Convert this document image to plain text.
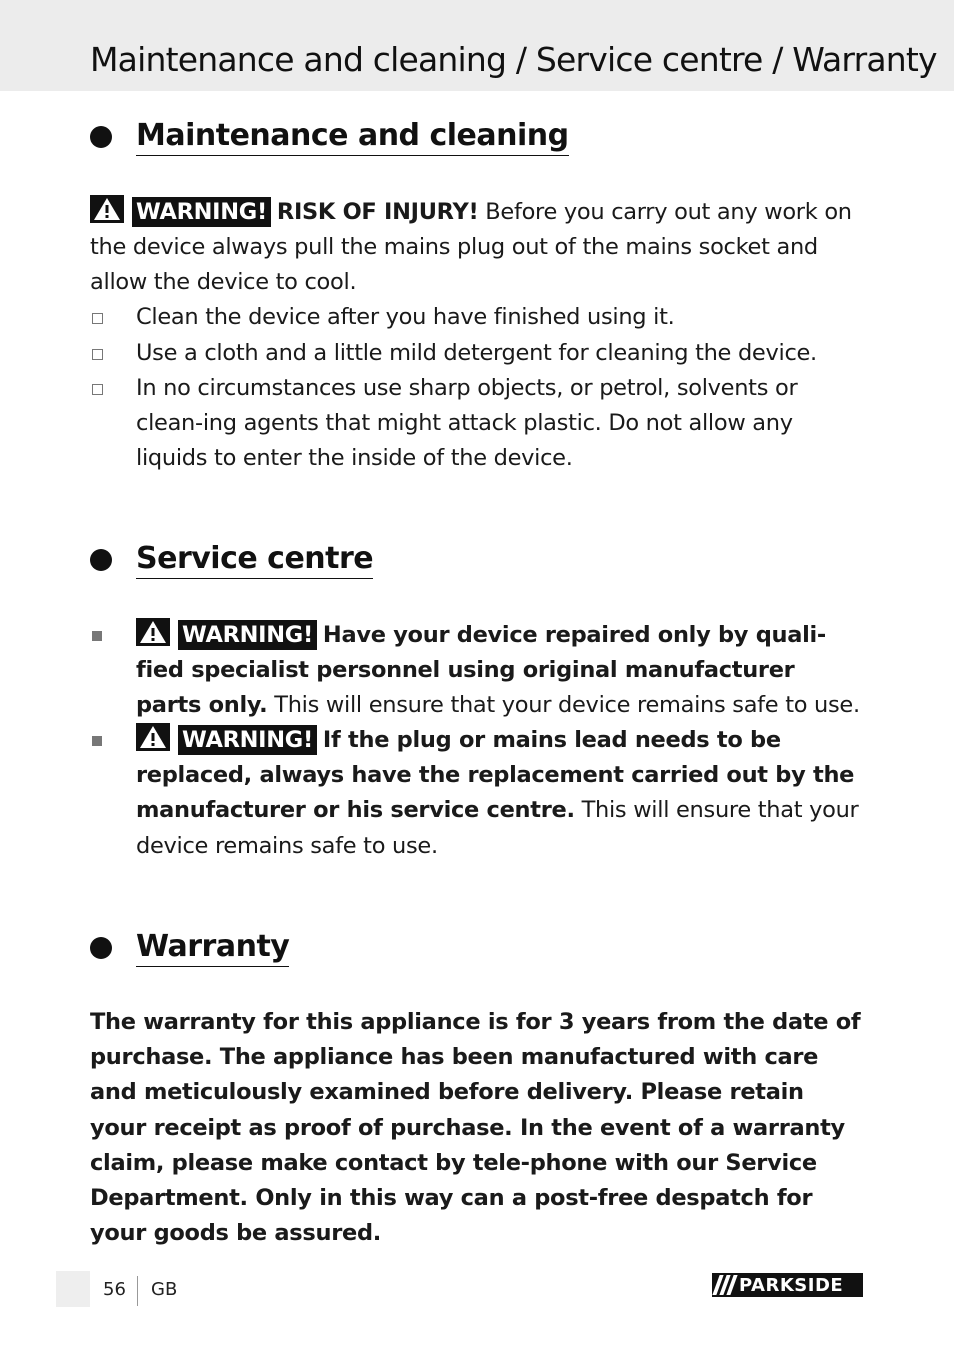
Maintenance and cleaning / Service centre / Warranty
Maintenance and cleaning

WARNING! RISK OF INJURY! Before you carry out any work on the device always pull the mains plug out of the mains socket and allow the device to cool.

Clean the device after you have finished using it.

Use a cloth and a little mild detergent for cleaning the device.

In no circumstances use sharp objects, or petrol, solvents or clean-ing agents that might attack plastic. Do not allow any liquids to enter the inside of the device.

Service centre

WARNING! Have your device repaired only by quali-fied specialist personnel using original manufacturer parts only. This will ensure that your device remains safe to use.

WARNING! If the plug or mains lead needs to be replaced, always have the replacement carried out by the manufacturer or his service centre. This will ensure that your device remains safe to use.

Warranty

The warranty for this appliance is for 3 years from the date of purchase. The appliance has been manufactured with care and meticulously examined before delivery. Please retain your receipt as proof of purchase. In the event of a warranty claim, please make contact by tele-phone with our Service Department. Only in this way can a post-free despatch for your goods be assured.

56 GB	PARKSIDE
